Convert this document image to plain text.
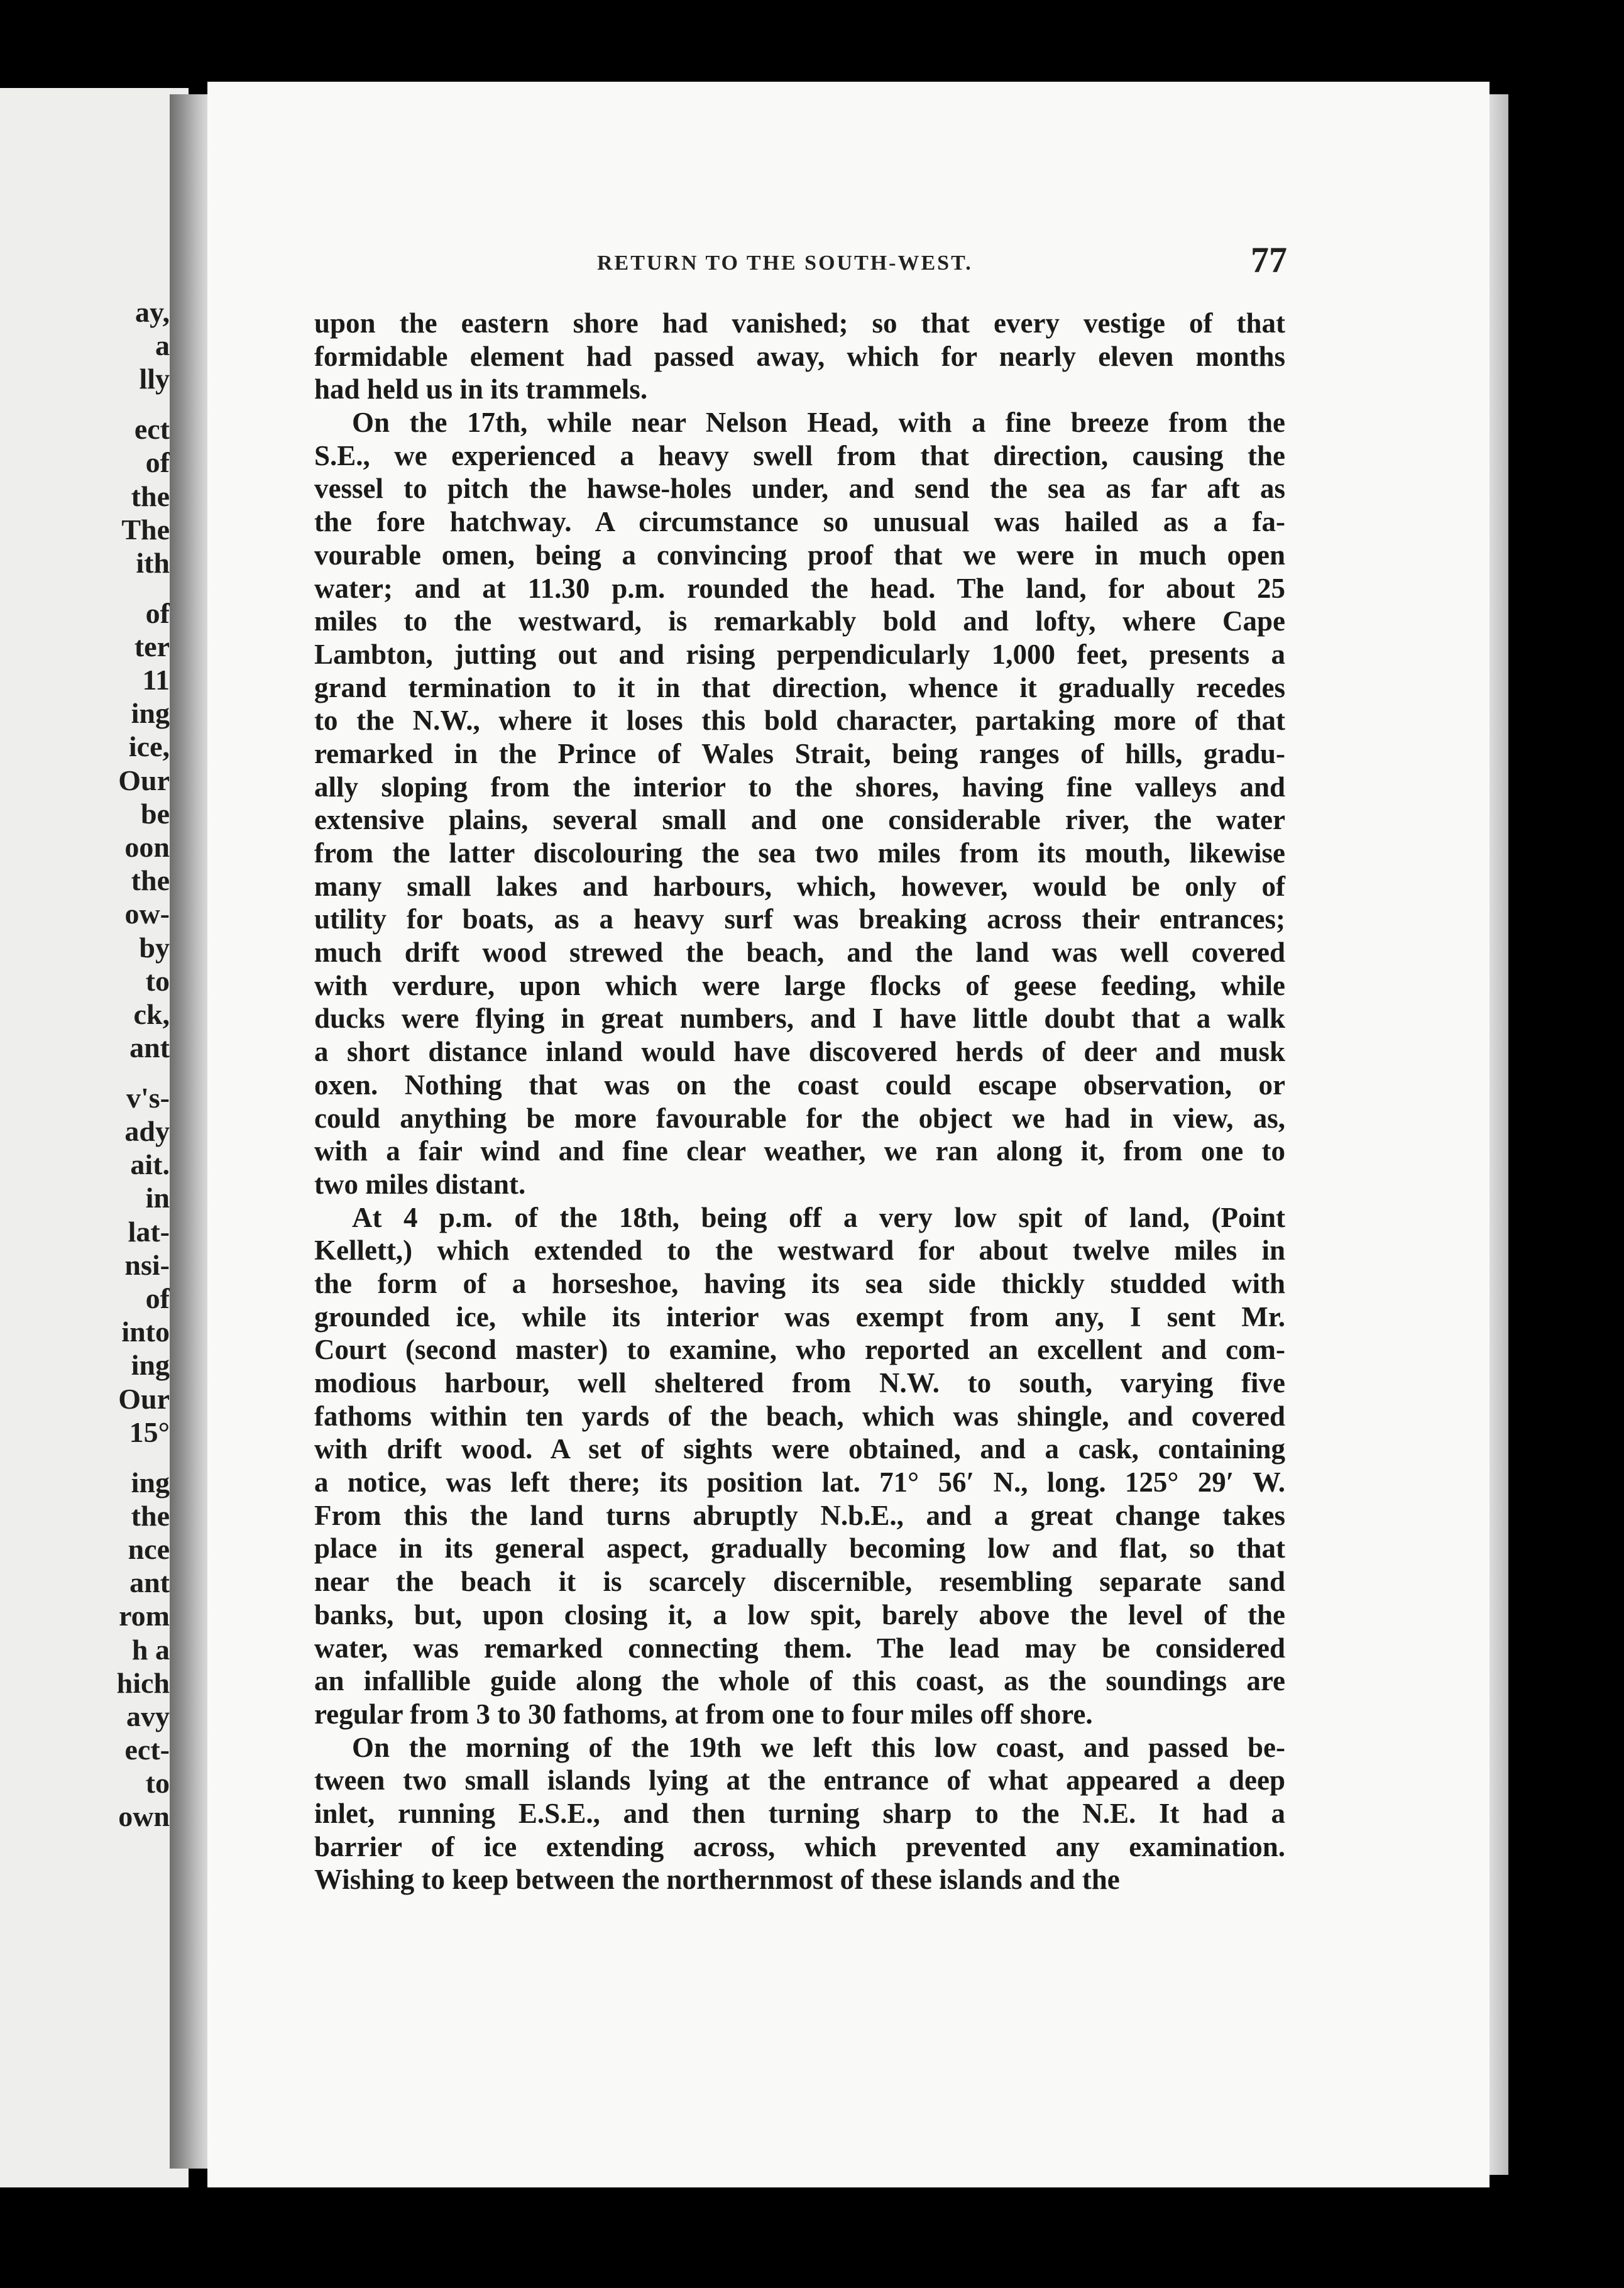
ay,
a
lly
ect
of
the
The
ith
of
ter
11
ing
ice,
Our
be
oon
the
ow-
by
to
ck,
ant
v's-
ady
ait.
in
lat-
nsi-
of
into
ing
Our
15°
ing
the
nce
ant
rom
h a
hich
avy
ect-
to
own
RETURN TO THE SOUTH-WEST.	77
upon the eastern shore had vanished; so that every vestige of that
formidable element had passed away, which for nearly eleven months
had held us in its trammels.
On the 17th, while near Nelson Head, with a fine breeze from the
S.E., we experienced a heavy swell from that direction, causing the
vessel to pitch the hawse-holes under, and send the sea as far aft as
the fore hatchway. A circumstance so unusual was hailed as a fa-
vourable omen, being a convincing proof that we were in much open
water; and at 11.30 p.m. rounded the head. The land, for about 25
miles to the westward, is remarkably bold and lofty, where Cape
Lambton, jutting out and rising perpendicularly 1,000 feet, presents a
grand termination to it in that direction, whence it gradually recedes
to the N.W., where it loses this bold character, partaking more of that
remarked in the Prince of Wales Strait, being ranges of hills, gradu-
ally sloping from the interior to the shores, having fine valleys and
extensive plains, several small and one considerable river, the water
from the latter discolouring the sea two miles from its mouth, likewise
many small lakes and harbours, which, however, would be only of
utility for boats, as a heavy surf was breaking across their entrances;
much drift wood strewed the beach, and the land was well covered
with verdure, upon which were large flocks of geese feeding, while
ducks were flying in great numbers, and I have little doubt that a walk
a short distance inland would have discovered herds of deer and musk
oxen. Nothing that was on the coast could escape observation, or
could anything be more favourable for the object we had in view, as,
with a fair wind and fine clear weather, we ran along it, from one to
two miles distant.
At 4 p.m. of the 18th, being off a very low spit of land, (Point
Kellett,) which extended to the westward for about twelve miles in
the form of a horseshoe, having its sea side thickly studded with
grounded ice, while its interior was exempt from any, I sent Mr.
Court (second master) to examine, who reported an excellent and com-
modious harbour, well sheltered from N.W. to south, varying five
fathoms within ten yards of the beach, which was shingle, and covered
with drift wood. A set of sights were obtained, and a cask, containing
a notice, was left there; its position lat. 71° 56′ N., long. 125° 29′ W.
From this the land turns abruptly N.b.E., and a great change takes
place in its general aspect, gradually becoming low and flat, so that
near the beach it is scarcely discernible, resembling separate sand
banks, but, upon closing it, a low spit, barely above the level of the
water, was remarked connecting them. The lead may be considered
an infallible guide along the whole of this coast, as the soundings are
regular from 3 to 30 fathoms, at from one to four miles off shore.
On the morning of the 19th we left this low coast, and passed be-
tween two small islands lying at the entrance of what appeared a deep
inlet, running E.S.E., and then turning sharp to the N.E. It had a
barrier of ice extending across, which prevented any examination.
Wishing to keep between the northernmost of these islands and the
